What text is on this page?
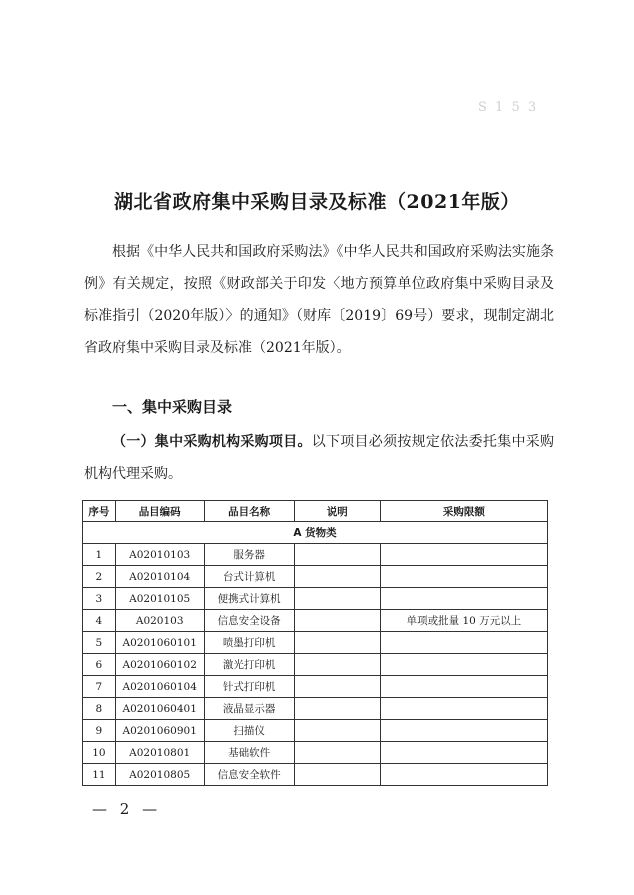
S 1 5 3
湖北省政府集中采购目录及标准（2021年版）

根据《中华人民共和国政府采购法》《中华人民共和国政府采购法实施条例》有关规定，按照《财政部关于印发〈地方预算单位政府集中采购目录及标准指引（2020年版）〉的通知》（财库〔2019〕69号）要求，现制定湖北省政府集中采购目录及标准（2021年版）。

一、集中采购目录

（一）集中采购机构采购项目。以下项目必须按规定依法委托集中采购机构代理采购。

序号	品目编码	品目名称	说明	采购限额
A 货物类				
1	A02010103	服务器		
2	A02010104	台式计算机		
3	A02010105	便携式计算机		
4	A020103	信息安全设备		单项或批量 10 万元以上
5	A0201060101	喷墨打印机		
6	A0201060102	激光打印机		
7	A0201060104	针式打印机		
8	A0201060401	液晶显示器		
9	A0201060901	扫描仪		
10	A02010801	基础软件		
11	A02010805	信息安全软件		
— 2 —
